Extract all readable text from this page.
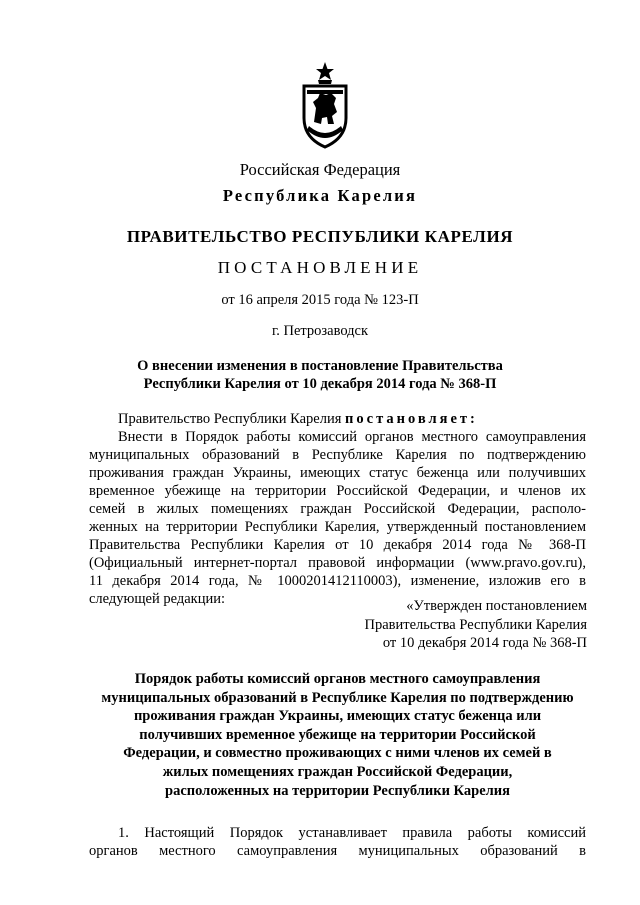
Российская Федерация
Республика Карелия
ПРАВИТЕЛЬСТВО РЕСПУБЛИКИ КАРЕЛИЯ
ПОСТАНОВЛЕНИЕ
от 16 апреля 2015 года № 123-П
г. Петрозаводск
О внесении изменения в постановление Правительства
Республики Карелия от 10 декабря 2014 года № 368-П
Правительство Республики Карелия постановляет:
Внести в Порядок работы комиссий органов местного самоуправления
муниципальных образований в Республике Карелия по подтверждению
проживания граждан Украины, имеющих статус беженца или получивших
временное убежище на территории Российской Федерации, и членов их
семей в жилых помещениях граждан Российской Федерации, располо-
женных на территории Республики Карелия, утвержденный постановлением
Правительства Республики Карелия от 10 декабря 2014 года № 368-П
(Официальный интернет-портал правовой информации (www.pravo.gov.ru),
11 декабря 2014 года, № 1000201412110003), изменение, изложив его в
следующей редакции:	«Утвержден постановлением
Правительства Республики Карелия
от 10 декабря 2014 года № 368-П
Порядок работы комиссий органов местного самоуправления
муниципальных образований в Республике Карелия по подтверждению
проживания граждан Украины, имеющих статус беженца или
получивших временное убежище на территории Российской
Федерации, и совместно проживающих с ними членов их семей в
жилых помещениях граждан Российской Федерации,
расположенных на территории Республики Карелия
1. Настоящий Порядок устанавливает правила работы комиссий
органов местного самоуправления муниципальных образований в
